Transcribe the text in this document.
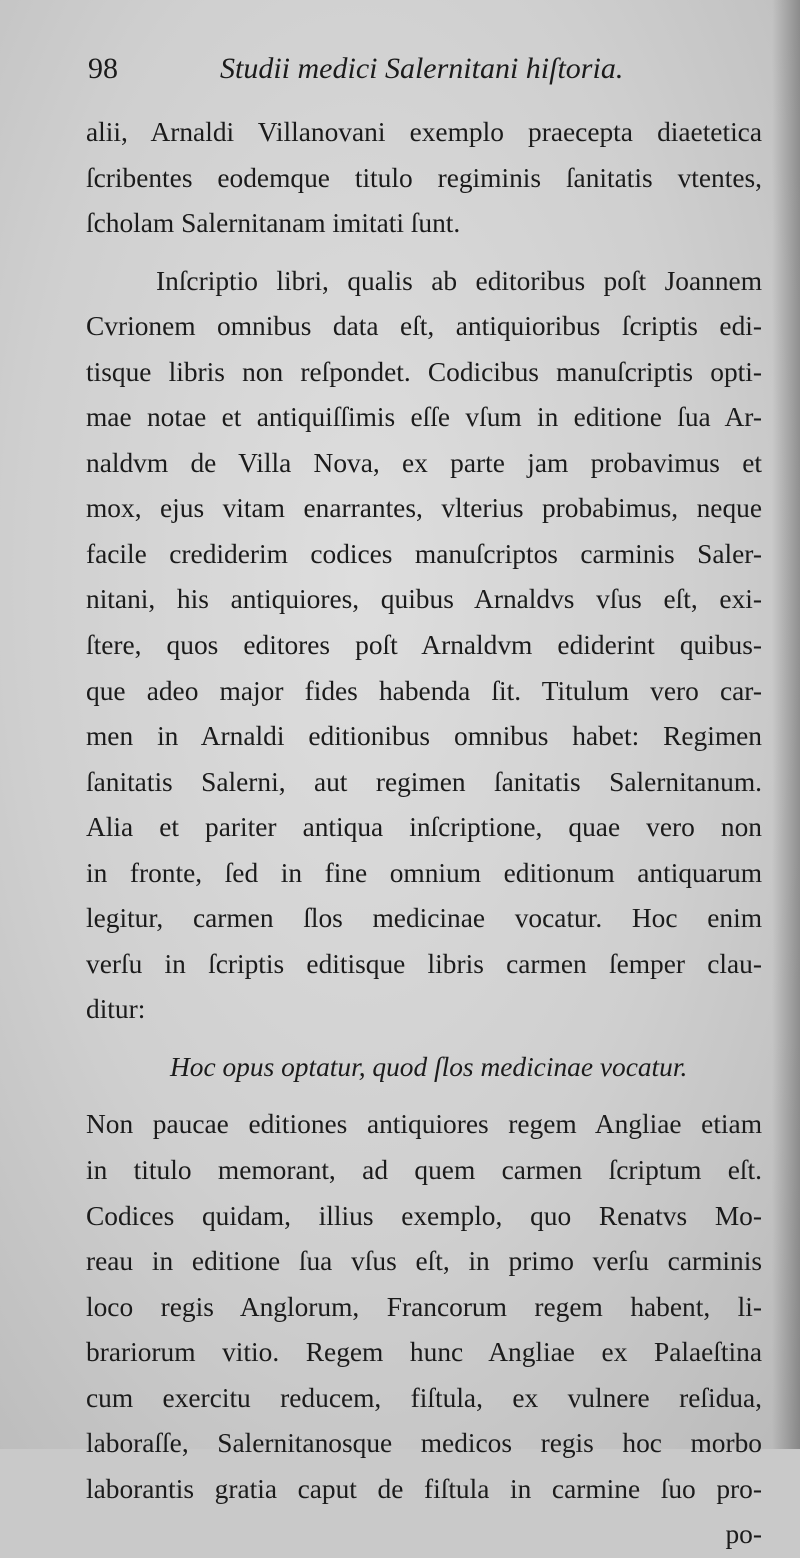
98	Studii medici Salernitani hiſtoria.
alii, Arnaldi Villanovani exemplo praecepta diaetetica
ſcribentes eodemque titulo regiminis ſanitatis vtentes,
ſcholam Salernitanam imitati ſunt.
Inſcriptio libri, qualis ab editoribus poſt Joannem
Cvrionem omnibus data eſt, antiquioribus ſcriptis edi-
tisque libris non reſpondet. Codicibus manuſcriptis opti-
mae notae et antiquiſſimis eſſe vſum in editione ſua Ar-
naldvm de Villa Nova, ex parte jam probavimus et
mox, ejus vitam enarrantes, vlterius probabimus, neque
facile crediderim codices manuſcriptos carminis Saler-
nitani, his antiquiores, quibus Arnaldvs vſus eſt, exi-
ſtere, quos editores poſt Arnaldvm ediderint quibus-
que adeo major fides habenda ſit. Titulum vero car-
men in Arnaldi editionibus omnibus habet: Regimen
ſanitatis Salerni, aut regimen ſanitatis Salernitanum.
Alia et pariter antiqua inſcriptione, quae vero non
in fronte, ſed in fine omnium editionum antiquarum
legitur, carmen ſlos medicinae vocatur. Hoc enim
verſu in ſcriptis editisque libris carmen ſemper clau-
ditur:
Hoc opus optatur, quod ſlos medicinae vocatur.
Non paucae editiones antiquiores regem Angliae etiam
in titulo memorant, ad quem carmen ſcriptum eſt.
Codices quidam, illius exemplo, quo Renatvs Mo-
reau in editione ſua vſus eſt, in primo verſu carminis
loco regis Anglorum, Francorum regem habent, li-
brariorum vitio. Regem hunc Angliae ex Palaeſtina
cum exercitu reducem, fiſtula, ex vulnere reſidua,
laboraſſe, Salernitanosque medicos regis hoc morbo
laborantis gratia caput de fiſtula in carmine ſuo pro-
po-
